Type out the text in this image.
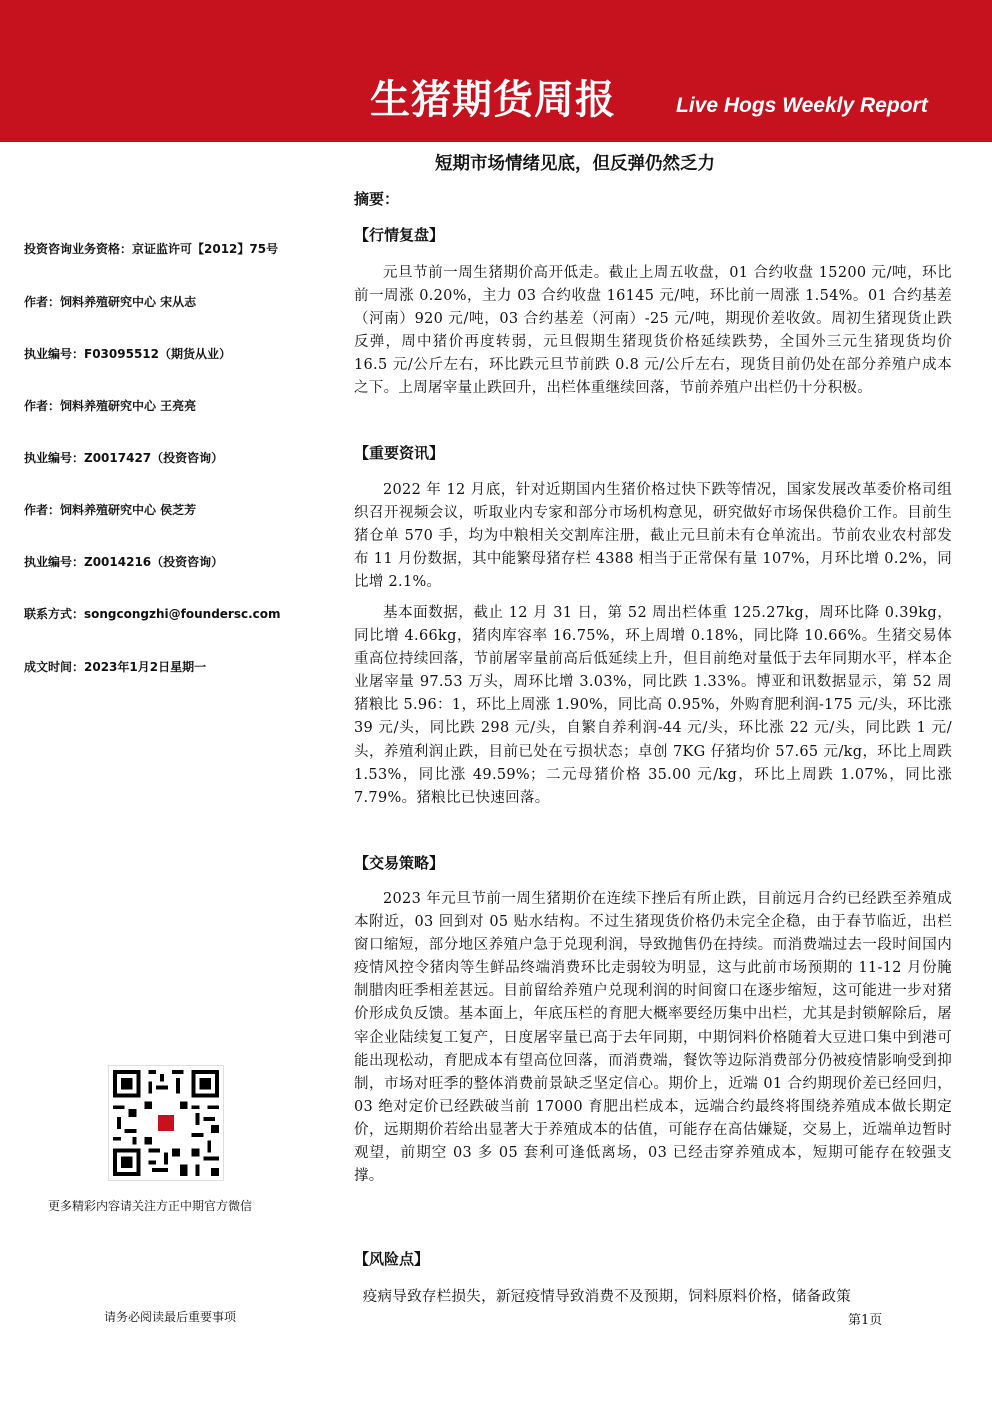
生猪期货周报	Live Hogs Weekly Report
短期市场情绪见底，但反弹仍然乏力
投资咨询业务资格：京证监许可【2012】75号
作者：饲料养殖研究中心 宋从志
执业编号：F03095512（期货从业）
作者：饲料养殖研究中心 王亮亮
执业编号：Z0017427（投资咨询）
作者：饲料养殖研究中心 侯芝芳
执业编号：Z0014216（投资咨询）
联系方式：songcongzhi@foundersc.com
成文时间：2023年1月2日星期一
摘要：
【行情复盘】

元旦节前一周生猪期价高开低走。截止上周五收盘，01 合约收盘 15200 元/吨，环比前一周涨 0.20%，主力 03 合约收盘 16145 元/吨，环比前一周涨 1.54%。01 合约基差（河南）920 元/吨，03 合约基差（河南）-25 元/吨，期现价差收敛。周初生猪现货止跌反弹，周中猪价再度转弱，元旦假期生猪现货价格延续跌势，全国外三元生猪现货均价 16.5 元/公斤左右，环比跌元旦节前跌 0.8 元/公斤左右，现货目前仍处在部分养殖户成本之下。上周屠宰量止跌回升，出栏体重继续回落，节前养殖户出栏仍十分积极。

【重要资讯】

2022 年 12 月底，针对近期国内生猪价格过快下跌等情况，国家发展改革委价格司组织召开视频会议，听取业内专家和部分市场机构意见，研究做好市场保供稳价工作。目前生猪仓单 570 手，均为中粮相关交割库注册，截止元旦前未有仓单流出。节前农业农村部发布 11 月份数据，其中能繁母猪存栏 4388 相当于正常保有量 107%，月环比增 0.2%，同比增 2.1%。

基本面数据，截止 12 月 31 日，第 52 周出栏体重 125.27kg，周环比降 0.39kg，同比增 4.66kg，猪肉库容率 16.75%，环上周增 0.18%，同比降 10.66%。生猪交易体重高位持续回落，节前屠宰量前高后低延续上升，但目前绝对量低于去年同期水平，样本企业屠宰量 97.53 万头，周环比增 3.03%，同比跌 1.33%。博亚和讯数据显示，第 52 周猪粮比 5.96：1，环比上周涨 1.90%，同比高 0.95%，外购育肥利润-175 元/头，环比涨 39 元/头，同比跌 298 元/头，自繁自养利润-44 元/头，环比涨 22 元/头，同比跌 1 元/头，养殖利润止跌，目前已处在亏损状态；卓创 7KG 仔猪均价 57.65 元/kg，环比上周跌 1.53%，同比涨 49.59%；二元母猪价格 35.00 元/kg，环比上周跌 1.07%，同比涨 7.79%。猪粮比已快速回落。

【交易策略】

2023 年元旦节前一周生猪期价在连续下挫后有所止跌，目前远月合约已经跌至养殖成本附近，03 回到对 05 贴水结构。不过生猪现货价格仍未完全企稳，由于春节临近，出栏窗口缩短，部分地区养殖户急于兑现利润，导致抛售仍在持续。而消费端过去一段时间国内疫情风控令猪肉等生鲜品终端消费环比走弱较为明显，这与此前市场预期的 11-12 月份腌制腊肉旺季相差甚远。目前留给养殖户兑现利润的时间窗口在逐步缩短，这可能进一步对猪价形成负反馈。基本面上，年底压栏的育肥大概率要经历集中出栏，尤其是封锁解除后，屠宰企业陆续复工复产，日度屠宰量已高于去年同期，中期饲料价格随着大豆进口集中到港可能出现松动，育肥成本有望高位回落，而消费端，餐饮等边际消费部分仍被疫情影响受到抑制，市场对旺季的整体消费前景缺乏坚定信心。期价上，近端 01 合约期现价差已经回归，03 绝对定价已经跌破当前 17000 育肥出栏成本，远端合约最终将围绕养殖成本做长期定价，远期期价若给出显著大于养殖成本的估值，可能存在高估嫌疑，交易上，近端单边暂时观望，前期空 03 多 05 套利可逢低离场，03 已经击穿养殖成本，短期可能存在较强支撑。

【风险点】

疫病导致存栏损失，新冠疫情导致消费不及预期，饲料原料价格，储备政策

更多精彩内容请关注方正中期官方微信
请务必阅读最后重要事项	第1页
